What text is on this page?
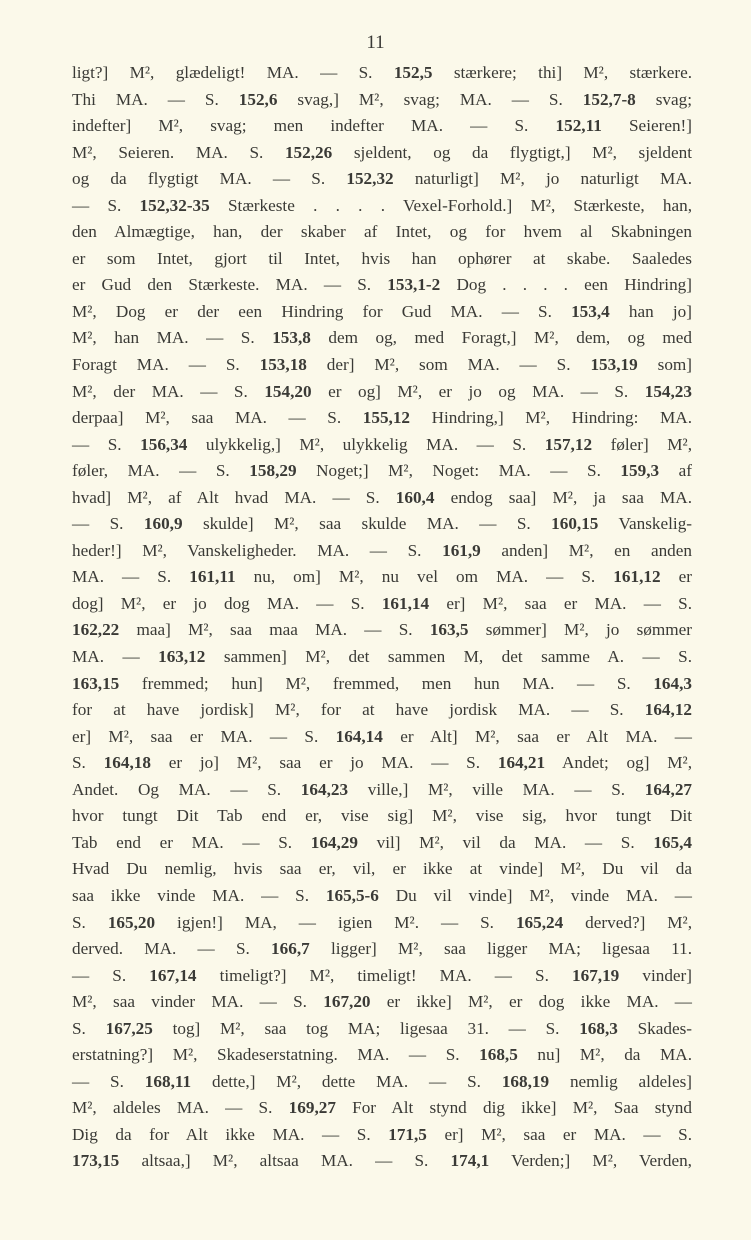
11
ligt?] M², glædeligt! MA. — S. 152,5 stærkere; thi] M², stærkere.
Thi MA. — S. 152,6 svag,] M², svag; MA. — S. 152,7-8 svag;
indefter] M², svag; men indefter MA. — S. 152,11 Seieren!]
M², Seieren. MA. S. 152,26 sjeldent, og da flygtigt,] M², sjeldent
og da flygtigt MA. — S. 152,32 naturligt] M², jo naturligt MA.
— S. 152,32-35 Stærkeste . . . . Vexel-Forhold.] M², Stærkeste, han,
den Almægtige, han, der skaber af Intet, og for hvem al Skabningen
er som Intet, gjort til Intet, hvis han ophører at skabe. Saaledes
er Gud den Stærkeste. MA. — S. 153,1-2 Dog . . . . een Hindring]
M², Dog er der een Hindring for Gud MA. — S. 153,4 han jo]
M², han MA. — S. 153,8 dem og, med Foragt,] M², dem, og med
Foragt MA. — S. 153,18 der] M², som MA. — S. 153,19 som]
M², der MA. — S. 154,20 er og] M², er jo og MA. — S. 154,23
derpaa] M², saa MA. — S. 155,12 Hindring,] M², Hindring: MA.
— S. 156,34 ulykkelig,] M², ulykkelig MA. — S. 157,12 føler] M²,
føler, MA. — S. 158,29 Noget;] M², Noget: MA. — S. 159,3 af
hvad] M², af Alt hvad MA. — S. 160,4 endog saa] M², ja saa MA.
— S. 160,9 skulde] M², saa skulde MA. — S. 160,15 Vanskelig-
heder!] M², Vanskeligheder. MA. — S. 161,9 anden] M², en anden
MA. — S. 161,11 nu, om] M², nu vel om MA. — S. 161,12 er
dog] M², er jo dog MA. — S. 161,14 er] M², saa er MA. — S.
162,22 maa] M², saa maa MA. — S. 163,5 sømmer] M², jo sømmer
MA. — 163,12 sammen] M², det sammen M, det samme A. — S.
163,15 fremmed; hun] M², fremmed, men hun MA. — S. 164,3
for at have jordisk] M², for at have jordisk MA. — S. 164,12
er] M², saa er MA. — S. 164,14 er Alt] M², saa er Alt MA. —
S. 164,18 er jo] M², saa er jo MA. — S. 164,21 Andet; og] M²,
Andet. Og MA. — S. 164,23 ville,] M², ville MA. — S. 164,27
hvor tungt Dit Tab end er, vise sig] M², vise sig, hvor tungt Dit
Tab end er MA. — S. 164,29 vil] M², vil da MA. — S. 165,4
Hvad Du nemlig, hvis saa er, vil, er ikke at vinde] M², Du vil da
saa ikke vinde MA. — S. 165,5-6 Du vil vinde] M², vinde MA. —
S. 165,20 igjen!] MA, — igien M². — S. 165,24 derved?] M²,
derved. MA. — S. 166,7 ligger] M², saa ligger MA; ligesaa 11.
— S. 167,14 timeligt?] M², timeligt! MA. — S. 167,19 vinder]
M², saa vinder MA. — S. 167,20 er ikke] M², er dog ikke MA. —
S. 167,25 tog] M², saa tog MA; ligesaa 31. — S. 168,3 Skades-
erstatning?] M², Skadeserstatning. MA. — S. 168,5 nu] M², da MA.
— S. 168,11 dette,] M², dette MA. — S. 168,19 nemlig aldeles]
M², aldeles MA. — S. 169,27 For Alt stynd dig ikke] M², Saa stynd
Dig da for Alt ikke MA. — S. 171,5 er] M², saa er MA. — S.
173,15 altsaa,] M², altsaa MA. — S. 174,1 Verden;] M², Verden,
